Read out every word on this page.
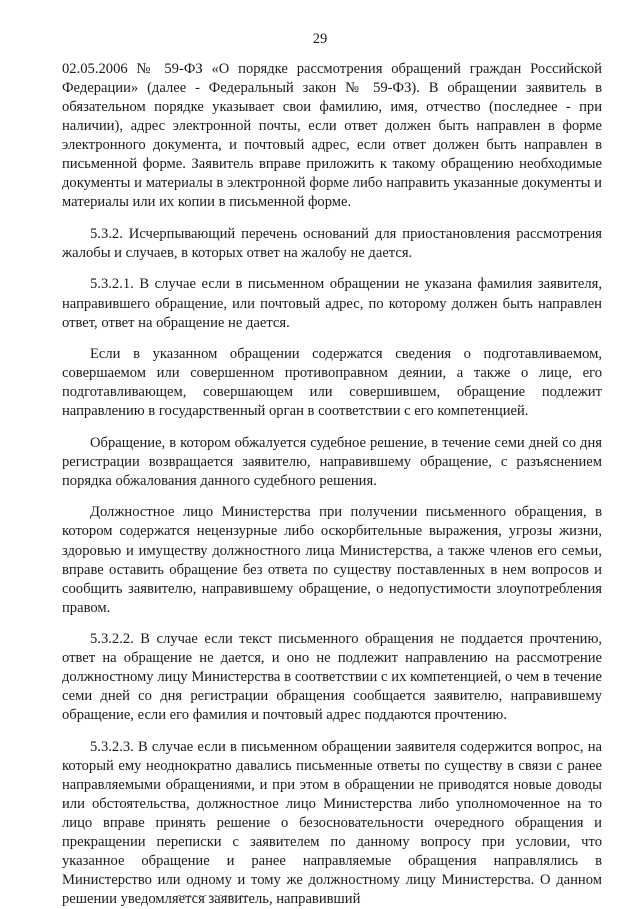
29

02.05.2006 № 59-ФЗ «О порядке рассмотрения обращений граждан Российской Федерации» (далее - Федеральный закон № 59-ФЗ). В обращении заявитель в обязательном порядке указывает свои фамилию, имя, отчество (последнее - при наличии), адрес электронной почты, если ответ должен быть направлен в форме электронного документа, и почтовый адрес, если ответ должен быть направлен в письменной форме. Заявитель вправе приложить к такому обращению необходимые документы и материалы в электронной форме либо направить указанные документы и материалы или их копии в письменной форме.

5.3.2. Исчерпывающий перечень оснований для приостановления рассмотрения жалобы и случаев, в которых ответ на жалобу не дается.

5.3.2.1. В случае если в письменном обращении не указана фамилия заявителя, направившего обращение, или почтовый адрес, по которому должен быть направлен ответ, ответ на обращение не дается.

Если в указанном обращении содержатся сведения о подготавливаемом, совершаемом или совершенном противоправном деянии, а также о лице, его подготавливающем, совершающем или совершившем, обращение подлежит направлению в государственный орган в соответствии с его компетенцией.

Обращение, в котором обжалуется судебное решение, в течение семи дней со дня регистрации возвращается заявителю, направившему обращение, с разъяснением порядка обжалования данного судебного решения.

Должностное лицо Министерства при получении письменного обращения, в котором содержатся нецензурные либо оскорбительные выражения, угрозы жизни, здоровью и имуществу должностного лица Министерства, а также членов его семьи, вправе оставить обращение без ответа по существу поставленных в нем вопросов и сообщить заявителю, направившему обращение, о недопустимости злоупотребления правом.

5.3.2.2. В случае если текст письменного обращения не поддается прочтению, ответ на обращение не дается, и оно не подлежит направлению на рассмотрение должностному лицу Министерства в соответствии с их компетенцией, о чем в течение семи дней со дня регистрации обращения сообщается заявителю, направившему обращение, если его фамилия и почтовый адрес поддаются прочтению.

5.3.2.3. В случае если в письменном обращении заявителя содержится вопрос, на который ему неоднократно давались письменные ответы по существу в связи с ранее направляемыми обращениями, и при этом в обращении не приводятся новые доводы или обстоятельства, должностное лицо Министерства либо уполномоченное на то лицо вправе принять решение о безосновательности очередного обращения и прекращении переписки с заявителем по данному вопросу при условии, что указанное обращение и ранее направляемые обращения направлялись в Министерство или одному и тому же должностному лицу Министерства. О данном решении уведомляется заявитель, направивший
